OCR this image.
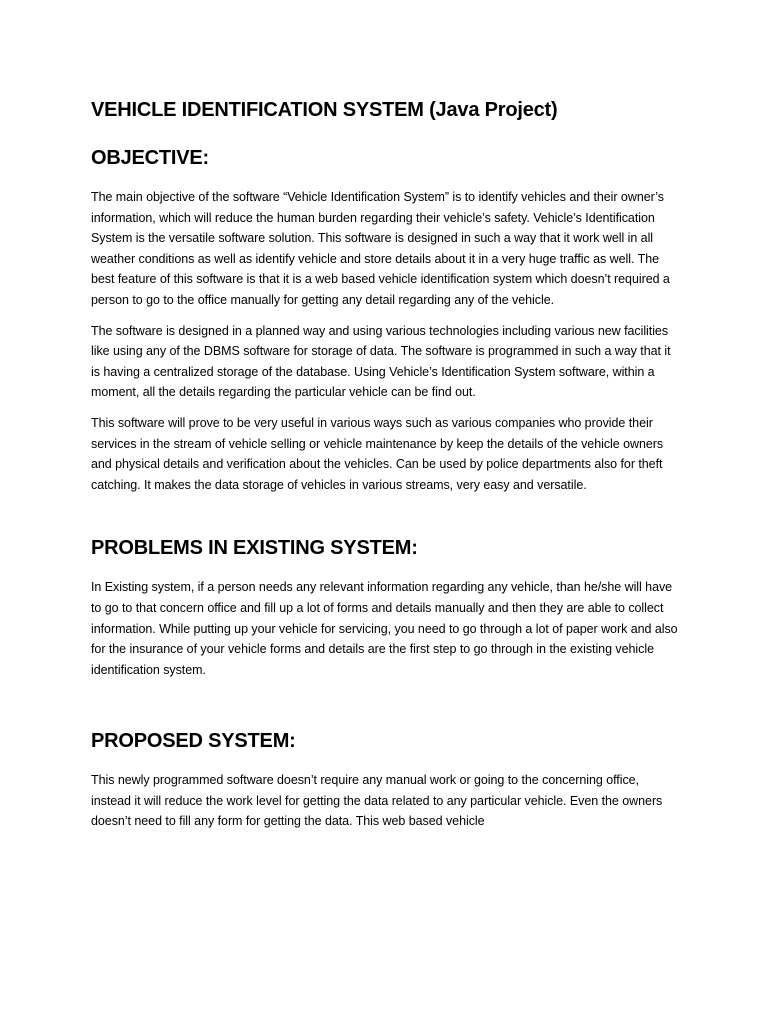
VEHICLE IDENTIFICATION SYSTEM (Java Project)
OBJECTIVE:

The main objective of the software “Vehicle Identification System” is to identify vehicles and their owner’s information, which will reduce the human burden regarding their vehicle’s safety. Vehicle’s Identification System is the versatile software solution. This software is designed in such a way that it work well in all weather conditions as well as identify vehicle and store details about it in a very huge traffic as well. The best feature of this software is that it is a web based vehicle identification system which doesn’t required a person to go to the office manually for getting any detail regarding any of the vehicle.

The software is designed in a planned way and using various technologies including various new facilities like using any of the DBMS software for storage of data. The software is programmed in such a way that it is having a centralized storage of the database. Using Vehicle’s Identification System software, within a moment, all the details regarding the particular vehicle can be find out.

This software will prove to be very useful in various ways such as various companies who provide their services in the stream of vehicle selling or vehicle maintenance by keep the details of the vehicle owners and physical details and verification about the vehicles. Can be used by police departments also for theft catching. It makes the data storage of vehicles in various streams, very easy and versatile.

PROBLEMS IN EXISTING SYSTEM:

In Existing system, if a person needs any relevant information regarding any vehicle, than he/she will have to go to that concern office and fill up a lot of forms and details manually and then they are able to collect information. While putting up your vehicle for servicing, you need to go through a lot of paper work and also for the insurance of your vehicle forms and details are the first step to go through in the existing vehicle identification system.

PROPOSED SYSTEM:

This newly programmed software doesn’t require any manual work or going to the concerning office, instead it will reduce the work level for getting the data related to any particular vehicle. Even the owners doesn’t need to fill any form for getting the data. This web based vehicle
